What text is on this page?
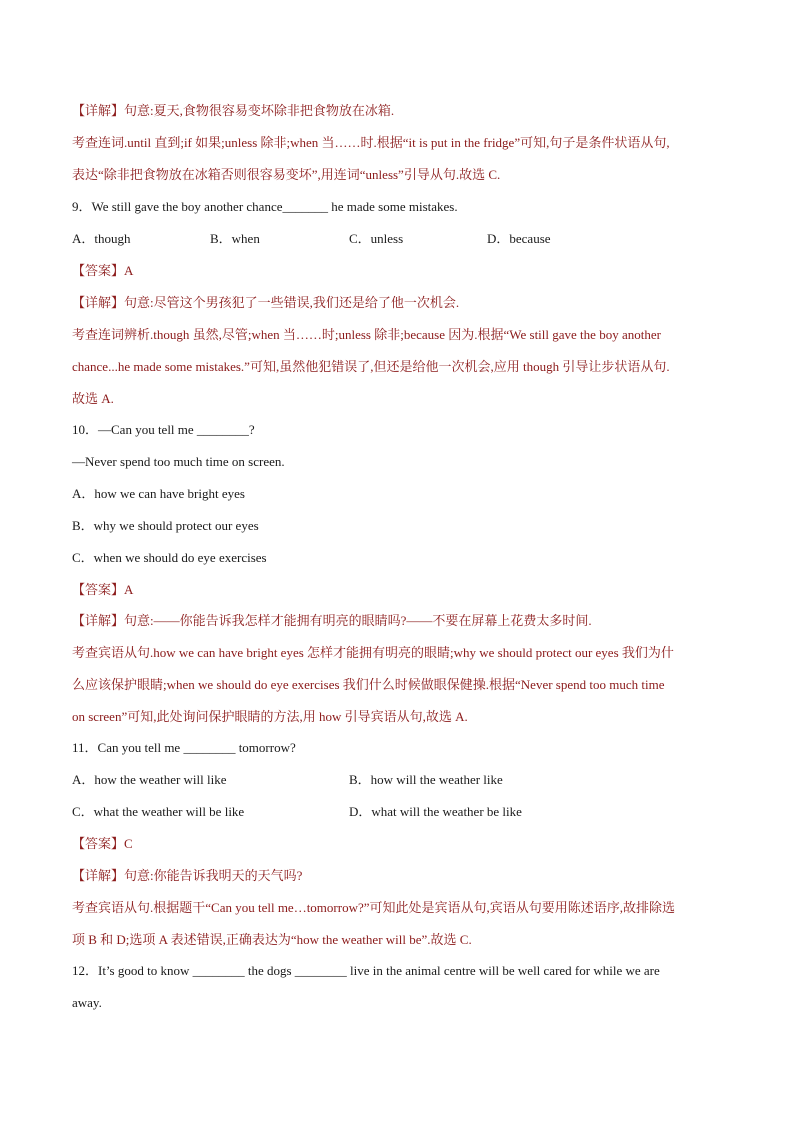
【详解】句意:夏天,食物很容易变坏除非把食物放在冰箱.
考查连词.until 直到;if 如果;unless 除非;when 当……时.根据“it is put in the fridge”可知,句子是条件状语从句,
表达“除非把食物放在冰箱否则很容易变坏”,用连词“unless”引导从句.故选 C.
9．We still gave the boy another chance_______ he made some mistakes.
A．though	B．when	C．unless	D．because
【答案】A
【详解】句意:尽管这个男孩犯了一些错误,我们还是给了他一次机会.
考查连词辨析.though 虽然,尽管;when 当……时;unless 除非;because 因为.根据“We still gave the boy another
chance...he made some mistakes.”可知,虽然他犯错误了,但还是给他一次机会,应用 though 引导让步状语从句.
故选 A.
10．—Can you tell me ________?
—Never spend too much time on screen.
A．how we can have bright eyes
B．why we should protect our eyes
C．when we should do eye exercises
【答案】A
【详解】句意:——你能告诉我怎样才能拥有明亮的眼睛吗?——不要在屏幕上花费太多时间.
考查宾语从句.how we can have bright eyes 怎样才能拥有明亮的眼睛;why we should protect our eyes 我们为什
么应该保护眼睛;when we should do eye exercises 我们什么时候做眼保健操.根据“Never spend too much time
on screen”可知,此处询问保护眼睛的方法,用 how 引导宾语从句,故选 A.
11．Can you tell me ________ tomorrow?
A．how the weather will like	B．how will the weather like
C．what the weather will be like	D．what will the weather be like
【答案】C
【详解】句意:你能告诉我明天的天气吗?
考查宾语从句.根据题干“Can you tell me…tomorrow?”可知此处是宾语从句,宾语从句要用陈述语序,故排除选
项 B 和 D;选项 A 表述错误,正确表达为“how the weather will be”.故选 C.
12．It’s good to know ________ the dogs ________ live in the animal centre will be well cared for while we are
away.
